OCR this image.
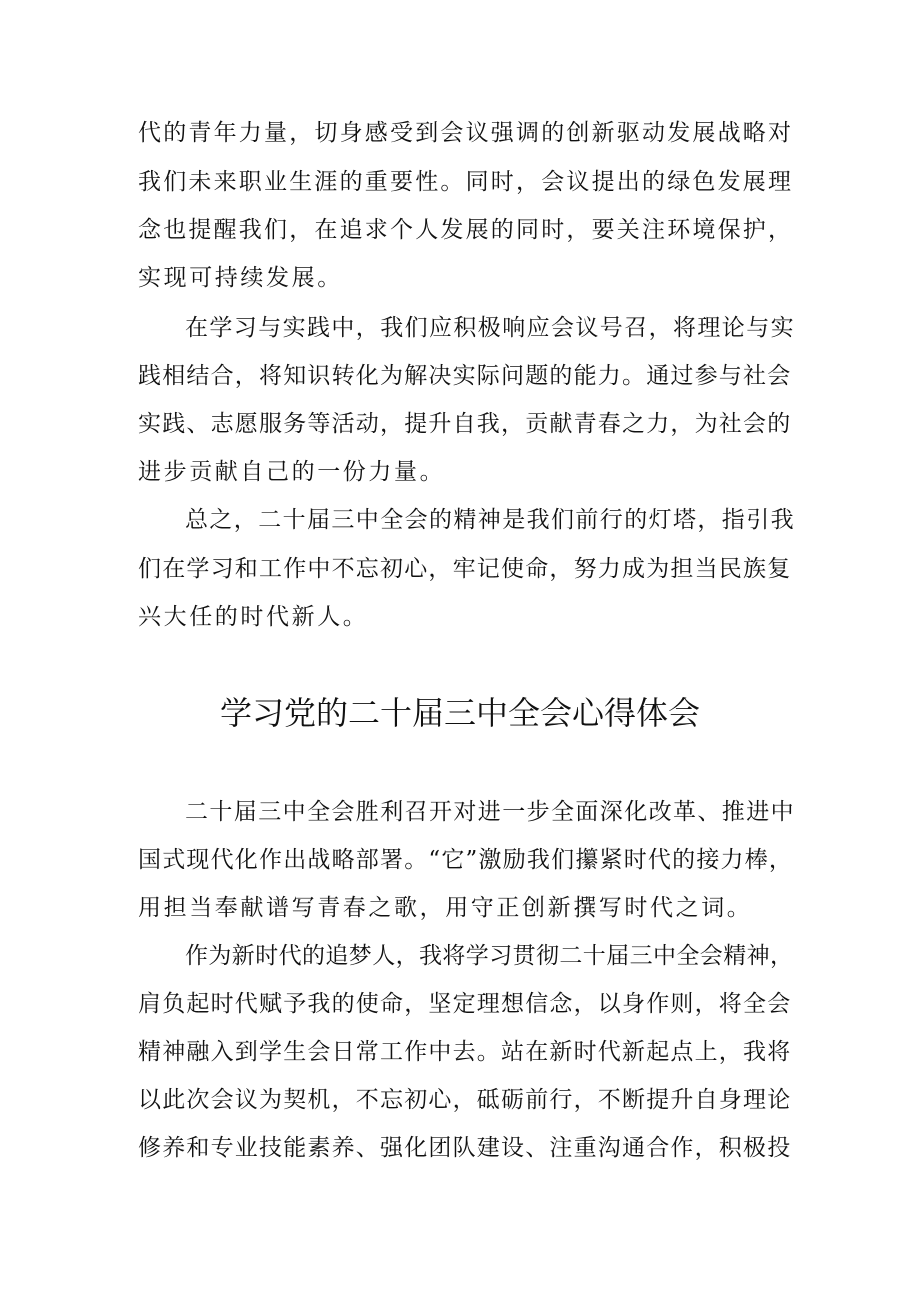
代的青年力量，切身感受到会议强调的创新驱动发展战略对
我们未来职业生涯的重要性。同时，会议提出的绿色发展理
念也提醒我们，在追求个人发展的同时，要关注环境保护，
实现可持续发展。
在学习与实践中，我们应积极响应会议号召，将理论与实
践相结合，将知识转化为解决实际问题的能力。通过参与社会
实践、志愿服务等活动，提升自我，贡献青春之力，为社会的
进步贡献自己的一份力量。
总之，二十届三中全会的精神是我们前行的灯塔，指引我
们在学习和工作中不忘初心，牢记使命，努力成为担当民族复
兴大任的时代新人。
学习党的二十届三中全会心得体会
二十届三中全会胜利召开对进一步全面深化改革、推进中
国式现代化作出战略部署。“它”激励我们攥紧时代的接力棒，
用担当奉献谱写青春之歌，用守正创新撰写时代之词。
作为新时代的追梦人，我将学习贯彻二十届三中全会精神，
肩负起时代赋予我的使命，坚定理想信念，以身作则，将全会
精神融入到学生会日常工作中去。站在新时代新起点上，我将
以此次会议为契机，不忘初心，砥砺前行，不断提升自身理论
修养和专业技能素养、强化团队建设、注重沟通合作，积极投
